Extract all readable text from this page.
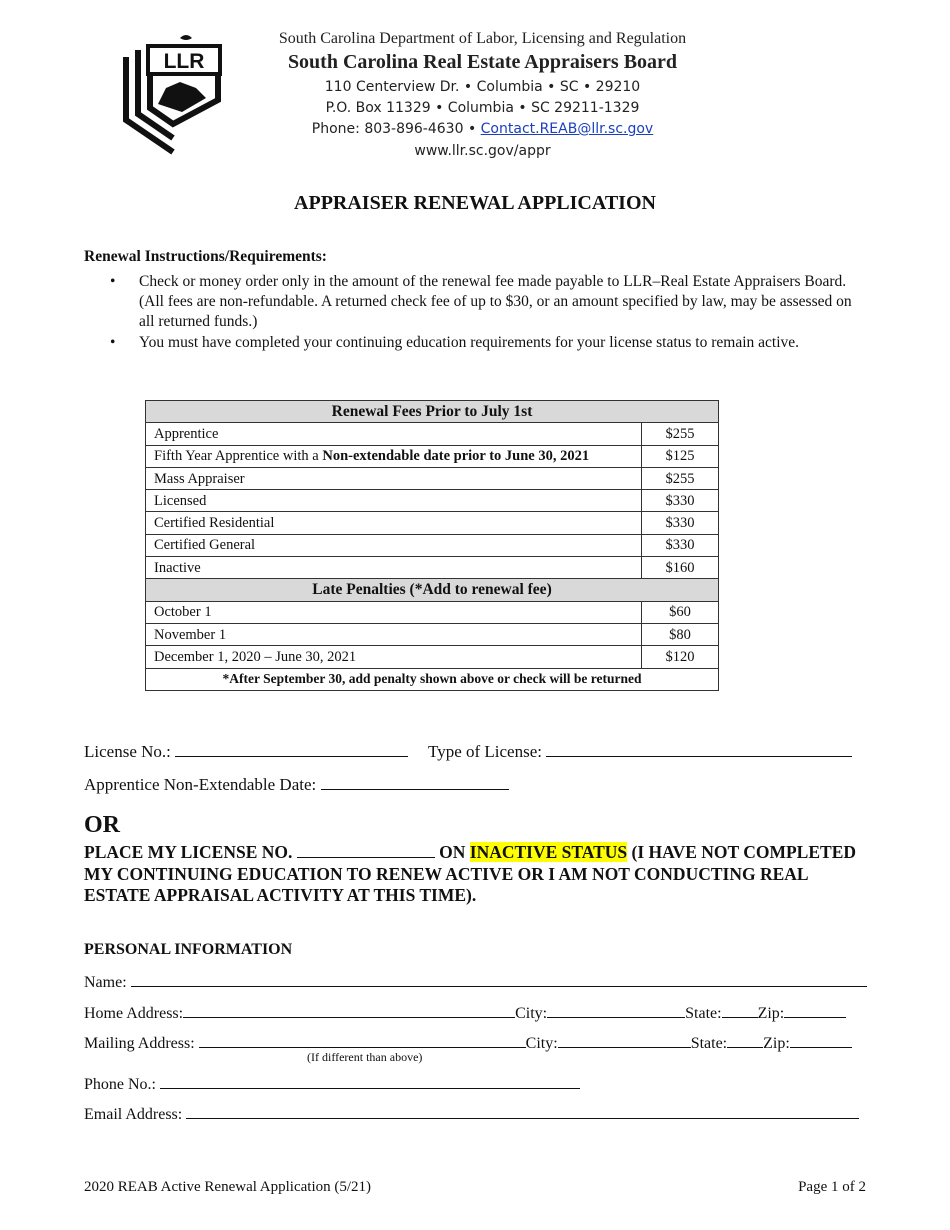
LLR
South Carolina Department of Labor, Licensing and Regulation
South Carolina Real Estate Appraisers Board
110 Centerview Dr. • Columbia • SC • 29210
P.O. Box 11329 • Columbia • SC 29211-1329
Phone: 803-896-4630 • Contact.REAB@llr.sc.gov
www.llr.sc.gov/appr
APPRAISER RENEWAL APPLICATION
Renewal Instructions/Requirements:
• Check or money order only in the amount of the renewal fee made payable to LLR–Real Estate Appraisers Board. (All fees are non-refundable. A returned check fee of up to $30, or an amount specified by law, may be assessed on all returned funds.)
• You must have completed your continuing education requirements for your license status to remain active.
Renewal Fees Prior to July 1st	
Apprentice	$255
Fifth Year Apprentice with a Non-extendable date prior to June 30, 2021	$125
Mass Appraiser	$255
Licensed	$330
Certified Residential	$330
Certified General	$330
Inactive	$160
Late Penalties (*Add to renewal fee)	
October 1	$60
November 1	$80
December 1, 2020 – June 30, 2021	$120
*After September 30, add penalty shown above or check will be returned	
License No.:	Type of License:
Apprentice Non-Extendable Date:
OR
PLACE MY LICENSE NO.	ON INACTIVE STATUS (I HAVE NOT COMPLETED MY CONTINUING EDUCATION TO RENEW ACTIVE OR I AM NOT CONDUCTING REAL ESTATE APPRAISAL ACTIVITY AT THIS TIME).
PERSONAL INFORMATION
Name:
Home Address:	City:	State: Zip:
Mailing Address:	City:	State: Zip:
(If different than above)
Phone No.:
Email Address:
2020 REAB Active Renewal Application (5/21)	Page 1 of 2
